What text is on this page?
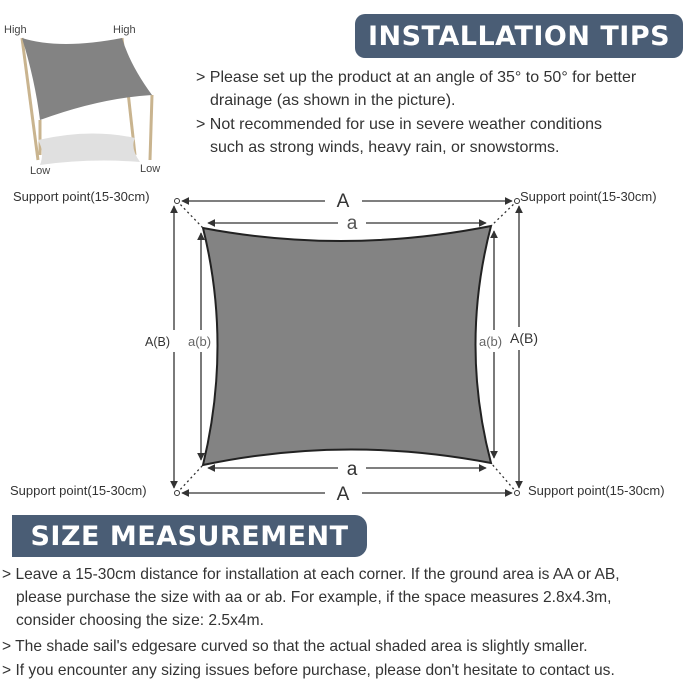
INSTALLATION TIPS
High	High
Low	Low
> Please set up the product at an angle of 35° to 50° for better
drainage (as shown in the picture).
> Not recommended for use in severe weather conditions
such as strong winds, heavy rain, or snowstorms.
A
a
a
A
A(B) a(b)	a(b) A(B)
Support point(15-30cm)	Support point(15-30cm)
Support point(15-30cm)	Support point(15-30cm)
SIZE MEASUREMENT
> Leave a 15-30cm distance for installation at each corner. If the ground area is AA or AB,
please purchase the size with aa or ab. For example, if the space measures 2.8x4.3m,
consider choosing the size: 2.5x4m.
> The shade sail's edgesare curved so that the actual shaded area is slightly smaller.
> If you encounter any sizing issues before purchase, please don't hesitate to contact us.
